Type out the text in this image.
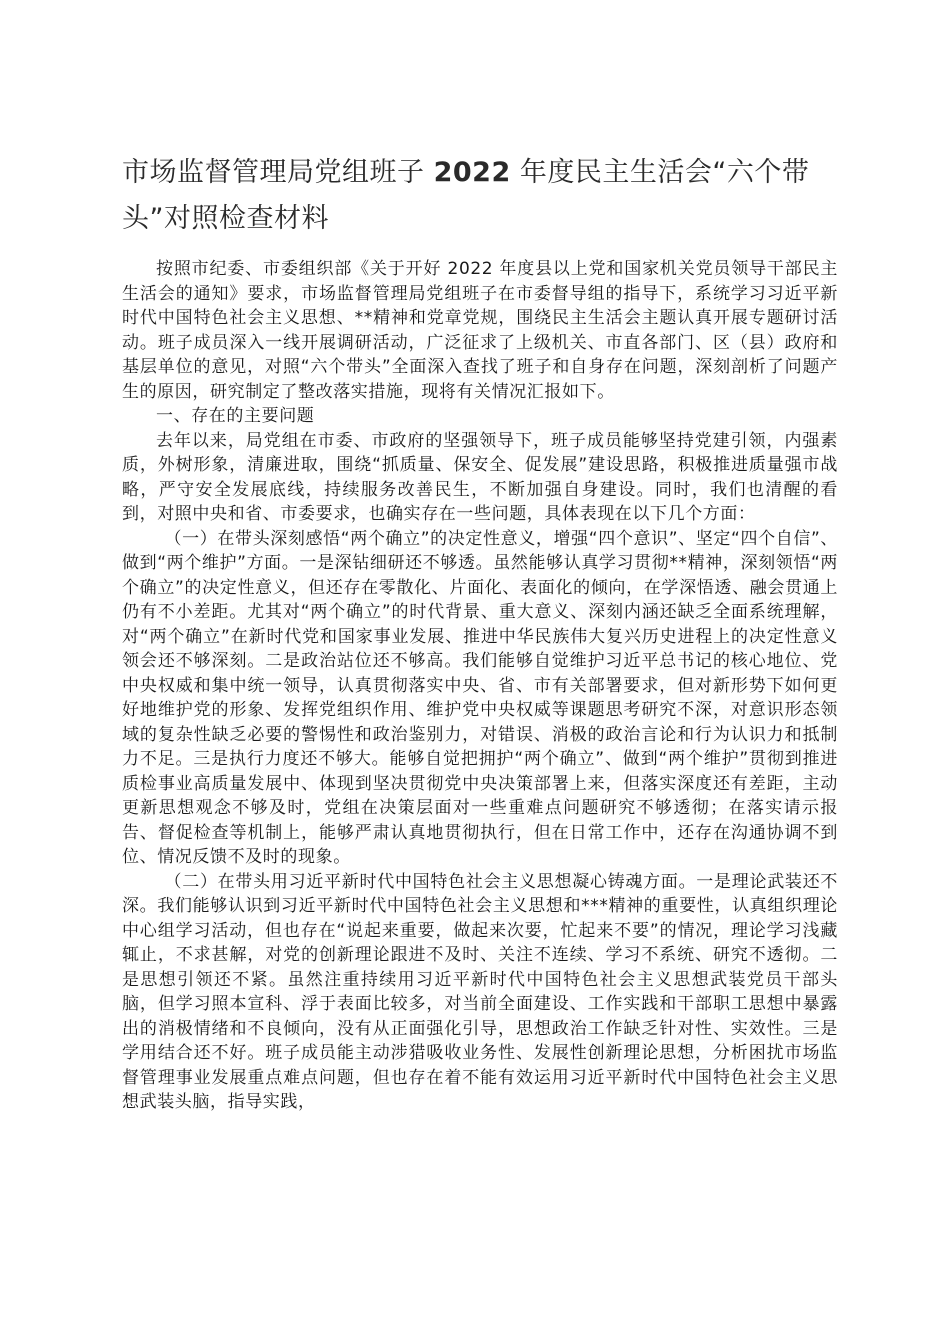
市场监督管理局党组班子 2022 年度民主生活会“六个带头”对照检查材料

按照市纪委、市委组织部《关于开好 2022 年度县以上党和国家机关党员领导干部民主生活会的通知》要求，市场监督管理局党组班子在市委督导组的指导下，系统学习习近平新时代中国特色社会主义思想、**精神和党章党规，围绕民主生活会主题认真开展专题研讨活动。班子成员深入一线开展调研活动，广泛征求了上级机关、市直各部门、区（县）政府和基层单位的意见，对照“六个带头”全面深入查找了班子和自身存在问题，深刻剖析了问题产生的原因，研究制定了整改落实措施，现将有关情况汇报如下。

一、存在的主要问题

去年以来，局党组在市委、市政府的坚强领导下，班子成员能够坚持党建引领，内强素质，外树形象，清廉进取，围绕“抓质量、保安全、促发展”建设思路，积极推进质量强市战略，严守安全发展底线，持续服务改善民生，不断加强自身建设。同时，我们也清醒的看到，对照中央和省、市委要求，也确实存在一些问题，具体表现在以下几个方面：

（一）在带头深刻感悟“两个确立”的决定性意义，增强“四个意识”、坚定“四个自信”、做到“两个维护”方面。一是深钻细研还不够透。虽然能够认真学习贯彻**精神，深刻领悟“两个确立”的决定性意义，但还存在零散化、片面化、表面化的倾向，在学深悟透、融会贯通上仍有不小差距。尤其对“两个确立”的时代背景、重大意义、深刻内涵还缺乏全面系统理解，对“两个确立”在新时代党和国家事业发展、推进中华民族伟大复兴历史进程上的决定性意义领会还不够深刻。二是政治站位还不够高。我们能够自觉维护习近平总书记的核心地位、党中央权威和集中统一领导，认真贯彻落实中央、省、市有关部署要求，但对新形势下如何更好地维护党的形象、发挥党组织作用、维护党中央权威等课题思考研究不深，对意识形态领域的复杂性缺乏必要的警惕性和政治鉴别力，对错误、消极的政治言论和行为认识力和抵制力不足。三是执行力度还不够大。能够自觉把拥护“两个确立”、做到“两个维护”贯彻到推进质检事业高质量发展中、体现到坚决贯彻党中央决策部署上来，但落实深度还有差距，主动更新思想观念不够及时，党组在决策层面对一些重难点问题研究不够透彻；在落实请示报告、督促检查等机制上，能够严肃认真地贯彻执行，但在日常工作中，还存在沟通协调不到位、情况反馈不及时的现象。

（二）在带头用习近平新时代中国特色社会主义思想凝心铸魂方面。一是理论武装还不深。我们能够认识到习近平新时代中国特色社会主义思想和***精神的重要性，认真组织理论中心组学习活动，但也存在“说起来重要，做起来次要，忙起来不要”的情况，理论学习浅藏辄止，不求甚解，对党的创新理论跟进不及时、关注不连续、学习不系统、研究不透彻。二是思想引领还不紧。虽然注重持续用习近平新时代中国特色社会主义思想武装党员干部头脑，但学习照本宣科、浮于表面比较多，对当前全面建设、工作实践和干部职工思想中暴露出的消极情绪和不良倾向，没有从正面强化引导，思想政治工作缺乏针对性、实效性。三是学用结合还不好。班子成员能主动涉猎吸收业务性、发展性创新理论思想，分析困扰市场监督管理事业发展重点难点问题，但也存在着不能有效运用习近平新时代中国特色社会主义思想武装头脑，指导实践，
